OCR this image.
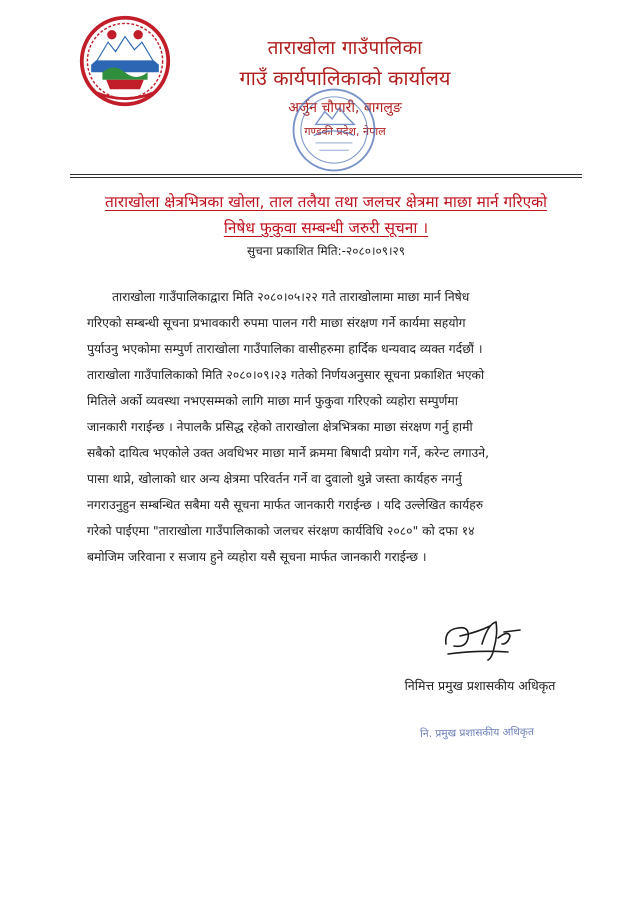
ताराखोला गाउँपालिका
गाउँ कार्यपालिकाको कार्यालय
अर्जुन चौपारी, बागलुङ
गण्डकी प्रदेश, नेपाल
ताराखोला क्षेत्रभित्रका खोला, ताल तलैया तथा जलचर क्षेत्रमा माछा मार्न गरिएको
निषेध फुकुवा सम्बन्धी जरुरी सूचना ।
सुचना प्रकाशित मिति:-२०८०।०९।२९
ताराखोला गाउँपालिकाद्वारा मिति २०८०।०५।२२ गते ताराखोलामा माछा मार्न निषेध
गरिएको सम्बन्धी सूचना प्रभावकारी रुपमा पालन गरी माछा संरक्षण गर्ने कार्यमा सहयोग
पुर्याउनु भएकोमा सम्पुर्ण ताराखोला गाउँपालिका वासीहरुमा हार्दिक धन्यवाद व्यक्त गर्दछौं ।
ताराखोला गाउँपालिकाको मिति २०८०।०९।२३ गतेको निर्णयअनुसार सूचना प्रकाशित भएको
मितिले अर्को व्यवस्था नभएसम्मको लागि माछा मार्न फुकुवा गरिएको व्यहोरा सम्पुर्णमा
जानकारी गराईन्छ । नेपालकै प्रसिद्ध रहेको ताराखोला क्षेत्रभित्रका माछा संरक्षण गर्नु हामी
सबैको दायित्व भएकोले उक्त अवधिभर माछा मार्ने क्रममा बिषादी प्रयोग गर्ने, करेन्ट लगाउने,
पासा थाप्ने, खोलाको धार अन्य क्षेत्रमा परिवर्तन गर्ने वा दुवालो थुन्ने जस्ता कार्यहरु नगर्नु
नगराउनुहुन सम्बन्धित सबैमा यसै सूचना मार्फत जानकारी गराईन्छ । यदि उल्लेखित कार्यहरु
गरेको पाईएमा "ताराखोला गाउँपालिकाको जलचर संरक्षण कार्यविधि २०८०" को दफा १४
बमोजिम जरिवाना र सजाय हुने व्यहोरा यसै सूचना मार्फत जानकारी गराईन्छ ।
निमित्त प्रमुख प्रशासकीय अधिकृत
नि. प्रमुख प्रशासकीय अधिकृत
